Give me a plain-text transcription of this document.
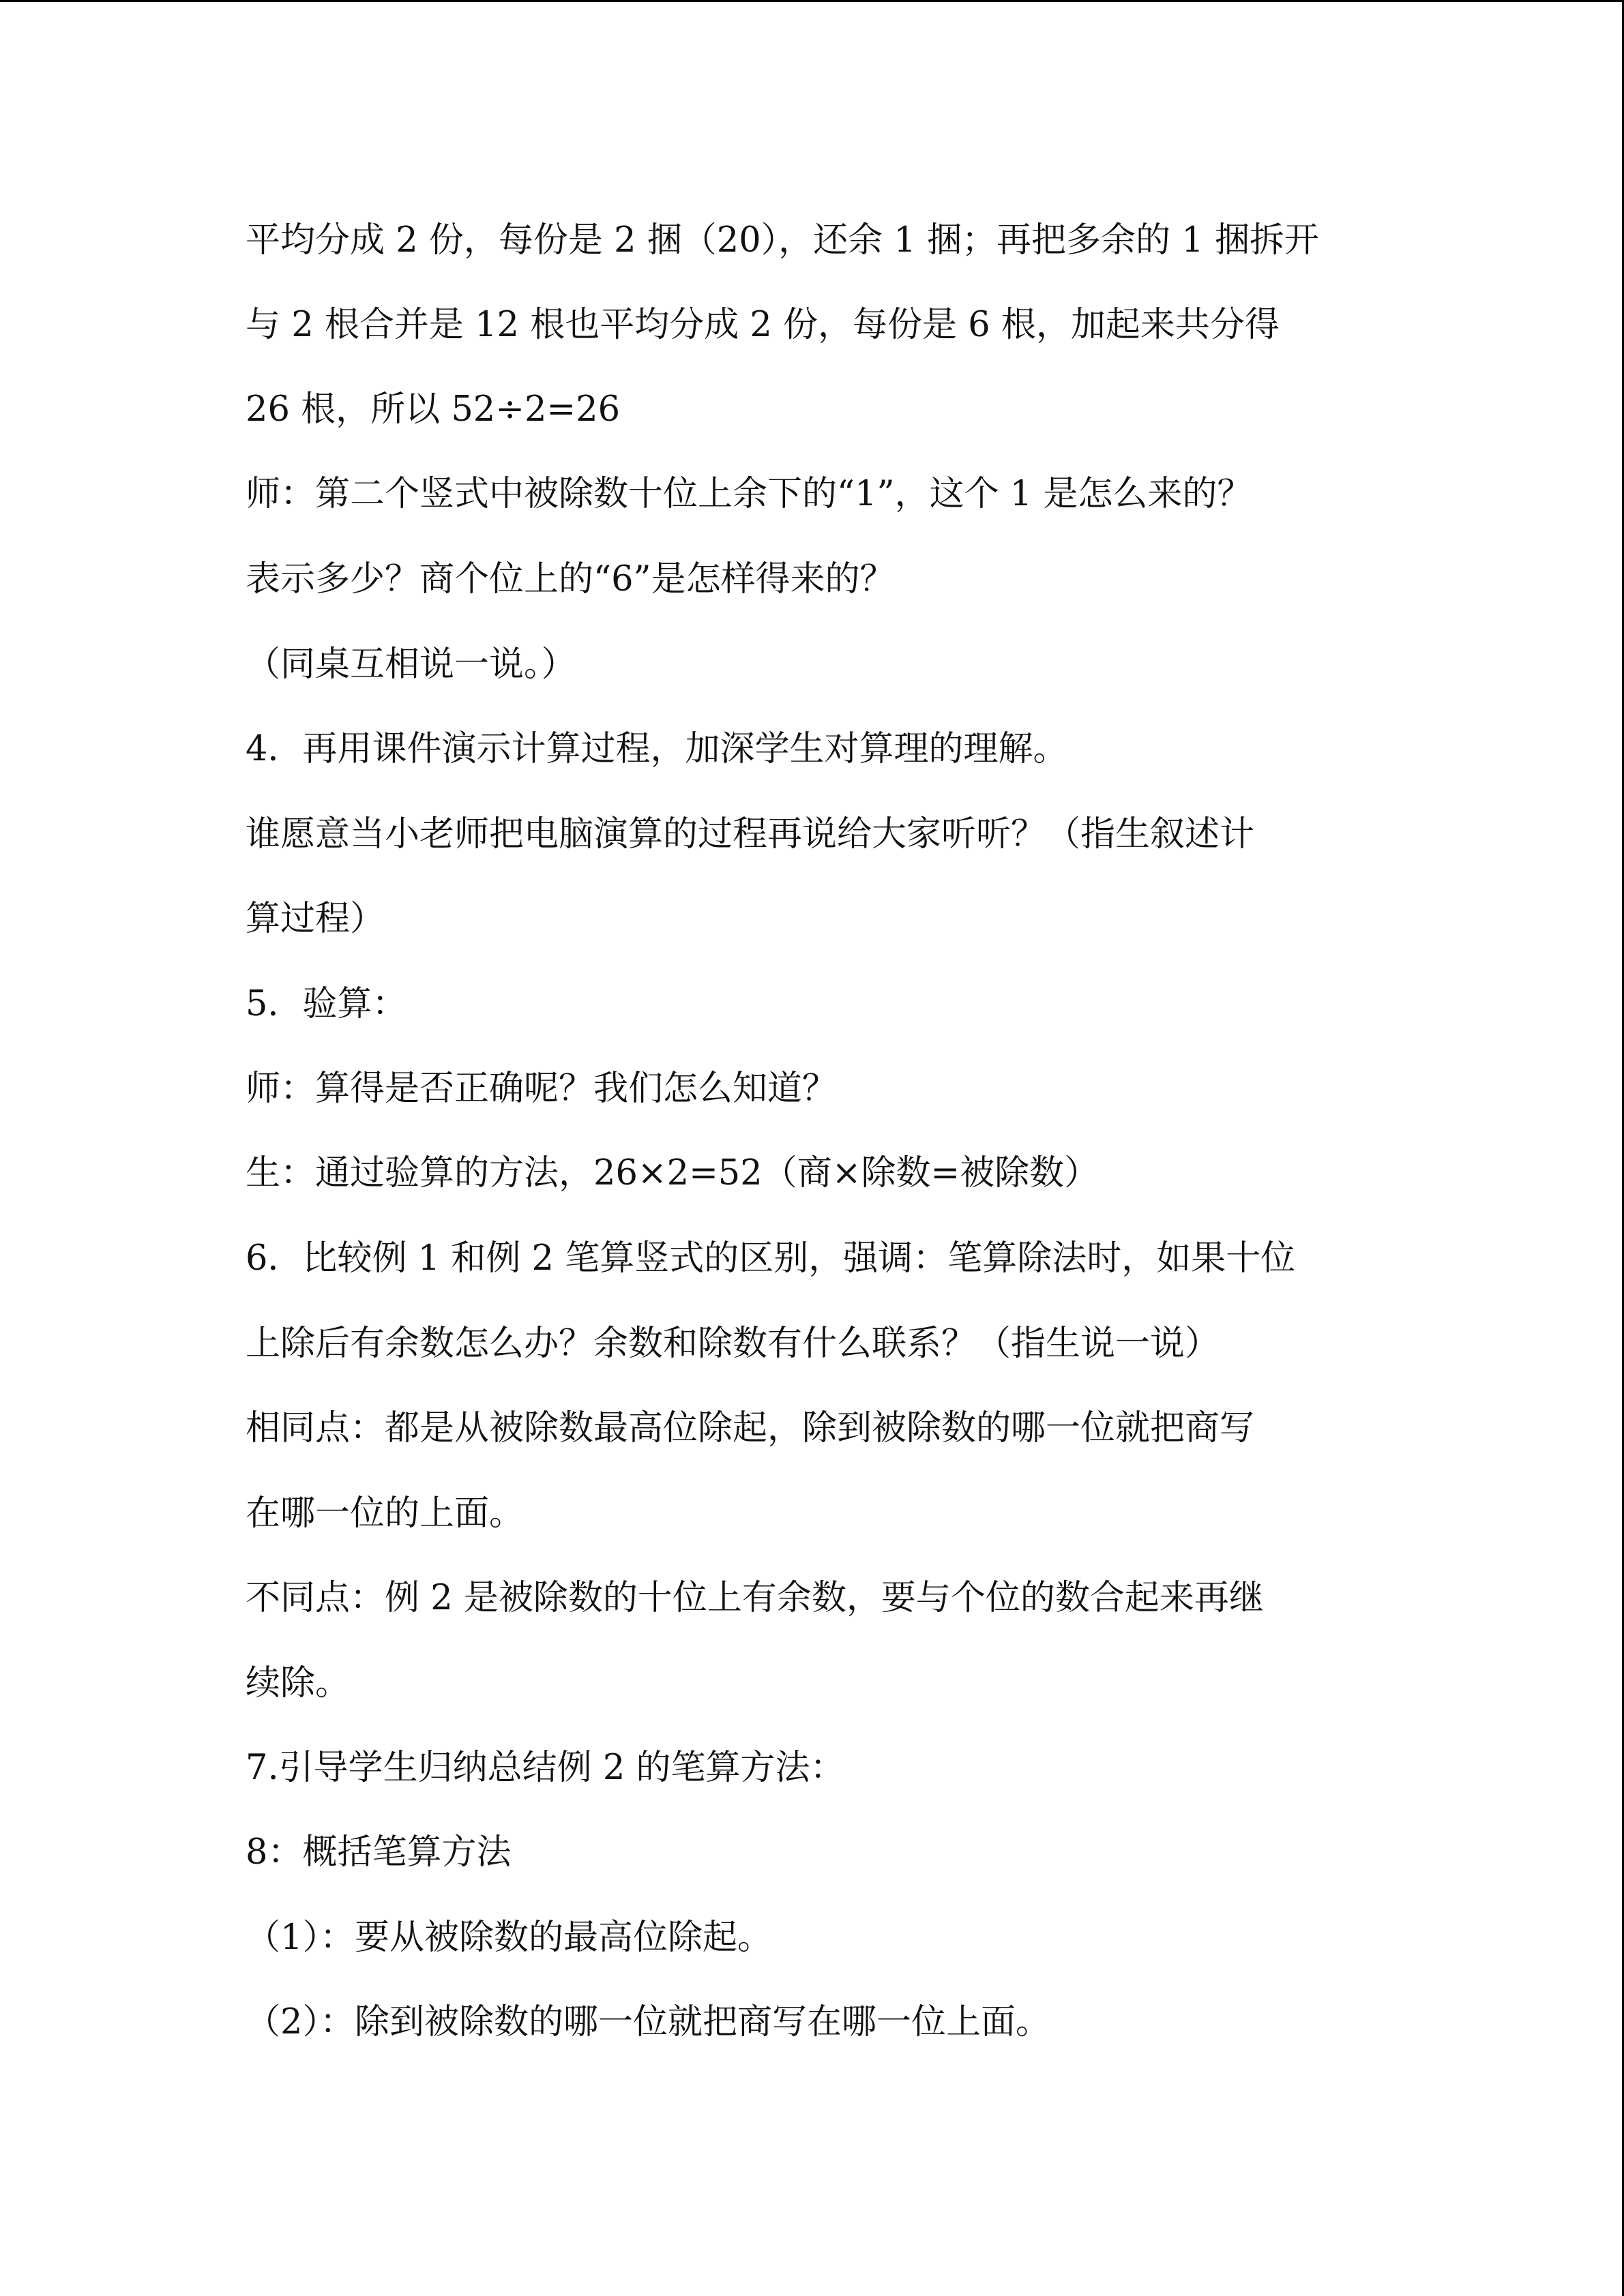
平均分成 2 份，每份是 2 捆（20），还余 1 捆；再把多余的 1 捆拆开
与 2 根合并是 12 根也平均分成 2 份，每份是 6 根，加起来共分得
26 根，所以 52÷2=26
师：第二个竖式中被除数十位上余下的“1”，这个 1 是怎么来的？
表示多少？商个位上的“6”是怎样得来的？
（同桌互相说一说。）
4．再用课件演示计算过程，加深学生对算理的理解。
谁愿意当小老师把电脑演算的过程再说给大家听听？（指生叙述计
算过程）
5．验算：
师：算得是否正确呢？我们怎么知道？
生：通过验算的方法，26×2=52（商×除数=被除数）
6．比较例 1 和例 2 笔算竖式的区别，强调：笔算除法时，如果十位
上除后有余数怎么办？余数和除数有什么联系？（指生说一说）
相同点：都是从被除数最高位除起，除到被除数的哪一位就把商写
在哪一位的上面。
不同点：例 2 是被除数的十位上有余数，要与个位的数合起来再继
续除。
7.引导学生归纳总结例 2 的笔算方法：
8：概括笔算方法
（1）：要从被除数的最高位除起。
（2）：除到被除数的哪一位就把商写在哪一位上面。
